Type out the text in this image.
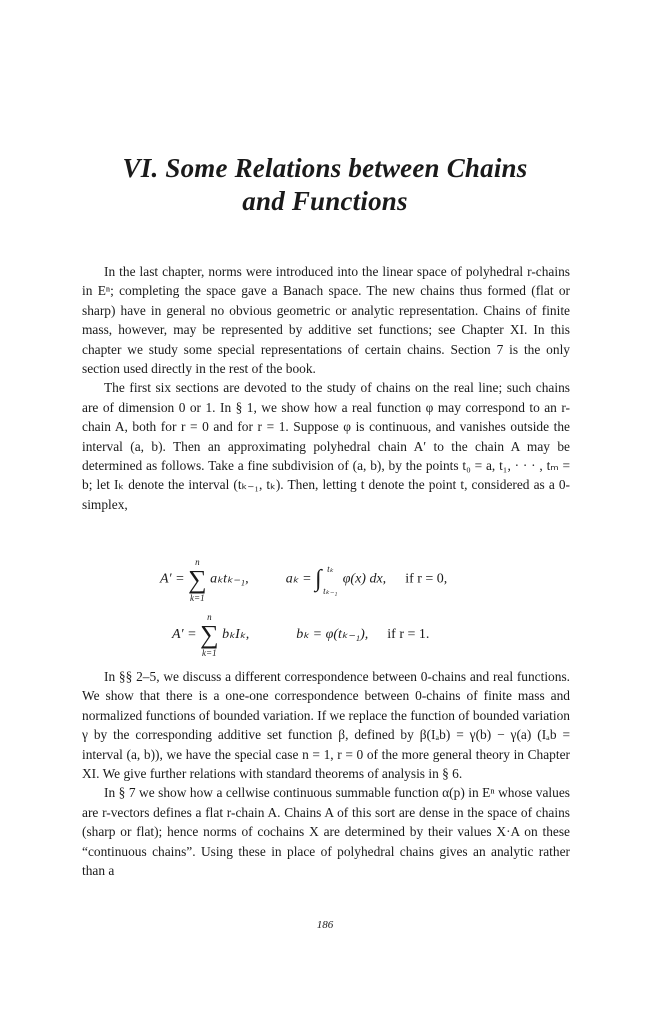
VI. Some Relations between Chains
and Functions

In the last chapter, norms were introduced into the linear space of polyhedral r-chains in Eⁿ; completing the space gave a Banach space. The new chains thus formed (flat or sharp) have in general no obvious geometric or analytic representation. Chains of finite mass, however, may be represented by additive set functions; see Chapter XI. In this chapter we study some special representations of certain chains. Section 7 is the only section used directly in the rest of the book.

The first six sections are devoted to the study of chains on the real line; such chains are of dimension 0 or 1. In § 1, we show how a real function φ may correspond to an r-chain A, both for r = 0 and for r = 1. Suppose φ is continuous, and vanishes outside the interval (a, b). Then an approximating polyhedral chain A′ to the chain A may be determined as follows. Take a fine subdivision of (a, b), by the points t₀ = a, t₁, · · · , tₘ = b; let Iₖ denote the interval (tₖ₋₁, tₖ). Then, letting t denote the point t, considered as a 0-simplex,

A′ = ∑
n
k=1
aₖtₖ₋₁,	aₖ = ∫ tₖ
tₖ₋₁
φ(x) dx, if r = 0,
A′ = ∑
n
k=1
bₖIₖ,	bₖ = φ(tₖ₋₁), if r = 1.

In §§ 2–5, we discuss a different correspondence between 0-chains and real functions. We show that there is a one-one correspondence between 0-chains of finite mass and normalized functions of bounded variation. If we replace the function of bounded variation γ by the corresponding additive set function β, defined by β(Iₐb) = γ(b) − γ(a) (Iₐb = interval (a, b)), we have the special case n = 1, r = 0 of the more general theory in Chapter XI. We give further relations with standard theorems of analysis in § 6.

In § 7 we show how a cellwise continuous summable function α(p) in Eⁿ whose values are r-vectors defines a flat r-chain A. Chains A of this sort are dense in the space of chains (sharp or flat); hence norms of cochains X are determined by their values X·A on these “continuous chains”. Using these in place of polyhedral chains gives an analytic rather than a

186
